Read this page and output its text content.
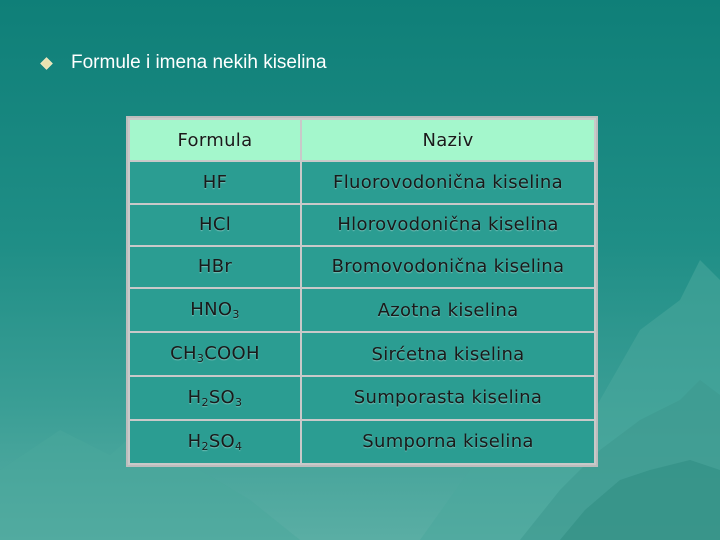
Formule i imena nekih kiselina
Formula	Naziv
HF	Fluorovodonična kiselina
HCl	Hlorovodonična kiselina
HBr	Bromovodonična kiselina
$HNO_3$	Azotna kiselina
$CH_3COOH$	Sirćetna kiselina
$H_2SO_3$	Sumporasta kiselina
$H_2SO_4$	Sumporna kiselina
